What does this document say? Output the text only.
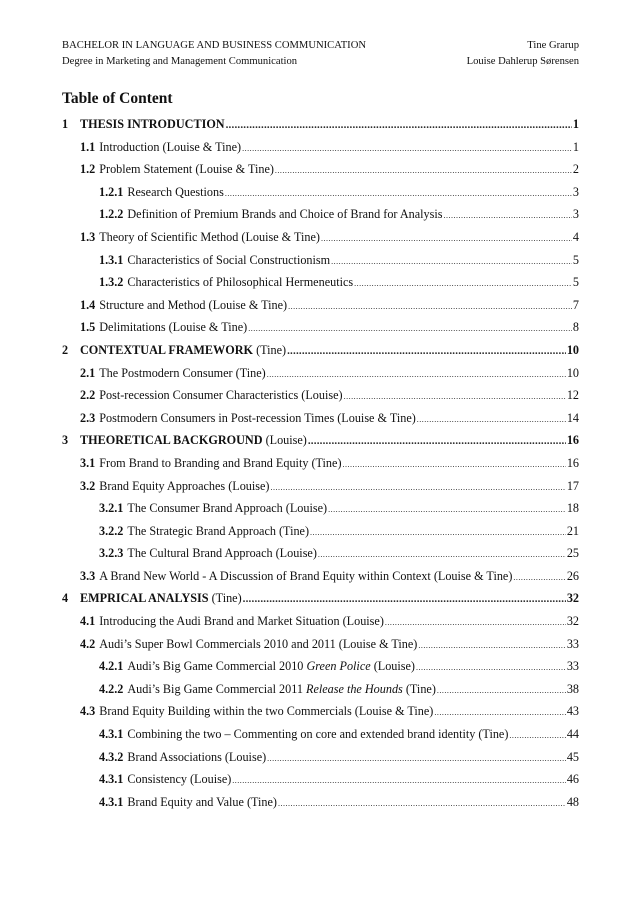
BACHELOR IN LANGUAGE AND BUSINESS COMMUNICATION	Tine Grarup
Degree in Marketing and Management Communication	Louise Dahlerup Sørensen
Table of Content
1 THESIS INTRODUCTION .....	1
1.1 Introduction (Louise & Tine) .....	1
1.2 Problem Statement (Louise & Tine) .....	2
1.2.1 Research Questions .....	3
1.2.2 Definition of Premium Brands and Choice of Brand for Analysis .....	3
1.3 Theory of Scientific Method (Louise & Tine) .....	4
1.3.1 Characteristics of Social Constructionism .....	5
1.3.2 Characteristics of Philosophical Hermeneutics .....	5
1.4 Structure and Method (Louise & Tine) .....	7
1.5 Delimitations (Louise & Tine) .....	8
2 CONTEXTUAL FRAMEWORK (Tine) .....	10
2.1 The Postmodern Consumer (Tine) .....	10
2.2 Post-recession Consumer Characteristics (Louise) .....	12
2.3 Postmodern Consumers in Post-recession Times (Louise & Tine) .....	14
3 THEORETICAL BACKGROUND (Louise) .....	16
3.1 From Brand to Branding and Brand Equity (Tine) .....	16
3.2 Brand Equity Approaches (Louise) .....	17
3.2.1 The Consumer Brand Approach (Louise) .....	18
3.2.2 The Strategic Brand Approach (Tine) .....	21
3.2.3 The Cultural Brand Approach (Louise) .....	25
3.3 A Brand New World - A Discussion of Brand Equity within Context (Louise & Tine) .....	26
4 EMPRICAL ANALYSIS (Tine) .....	32
4.1 Introducing the Audi Brand and Market Situation (Louise) .....	32
4.2 Audi’s Super Bowl Commercials 2010 and 2011 (Louise & Tine) .....	33
4.2.1 Audi’s Big Game Commercial 2010 Green Police (Louise) .....	33
4.2.2 Audi’s Big Game Commercial 2011 Release the Hounds (Tine) .....	38
4.3 Brand Equity Building within the two Commercials (Louise & Tine) .....	43
4.3.1 Combining the two – Commenting on core and extended brand identity (Tine) .....	44
4.3.2 Brand Associations (Louise) .....	45
4.3.1 Consistency (Louise) .....	46
4.3.1 Brand Equity and Value (Tine) .....	48
